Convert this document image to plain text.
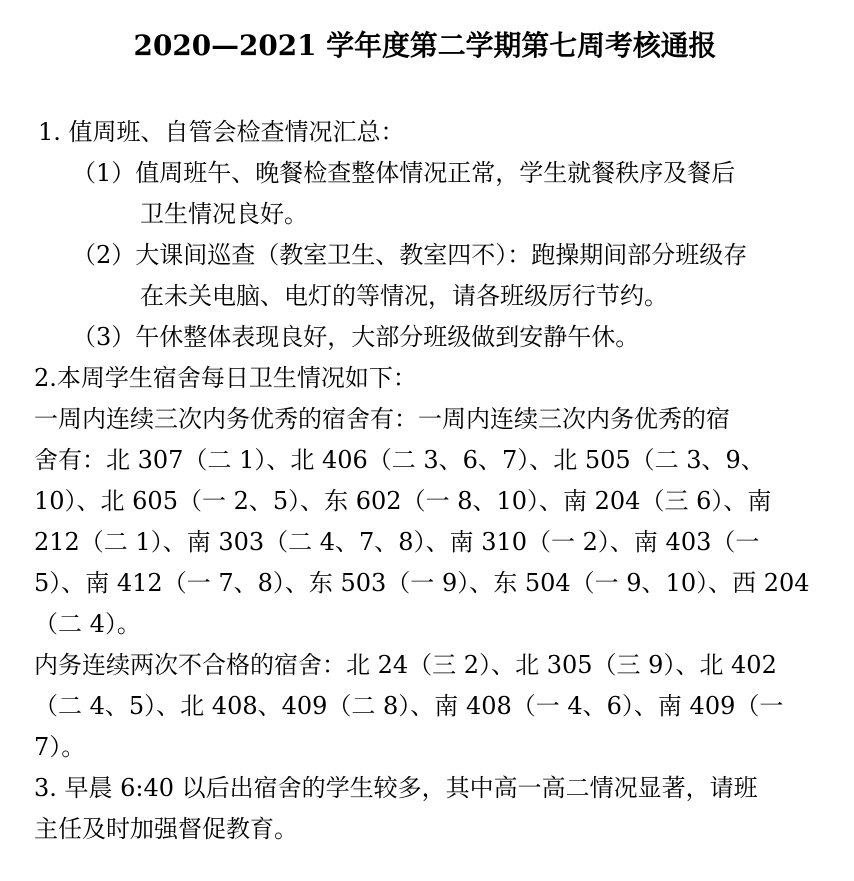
2020—2021 学年度第二学期第七周考核通报
1. 值周班、自管会检查情况汇总：
（1）值周班午、晚餐检查整体情况正常，学生就餐秩序及餐后
卫生情况良好。
（2）大课间巡查（教室卫生、教室四不）：跑操期间部分班级存
在未关电脑、电灯的等情况，请各班级厉行节约。
（3）午休整体表现良好，大部分班级做到安静午休。
2.本周学生宿舍每日卫生情况如下：
一周内连续三次内务优秀的宿舍有：一周内连续三次内务优秀的宿
舍有：北 307（二 1）、北 406（二 3、6、7）、北 505（二 3、9、
10）、北 605（一 2、5）、东 602（一 8、10）、南 204（三 6）、南
212（二 1）、南 303（二 4、7、8）、南 310（一 2）、南 403（一
5）、南 412（一 7、8）、东 503（一 9）、东 504（一 9、10）、西 204
（二 4）。
内务连续两次不合格的宿舍：北 24（三 2）、北 305（三 9）、北 402
（二 4、5）、北 408、409（二 8）、南 408（一 4、6）、南 409（一
7）。
3. 早晨 6:40 以后出宿舍的学生较多，其中高一高二情况显著，请班
主任及时加强督促教育。
